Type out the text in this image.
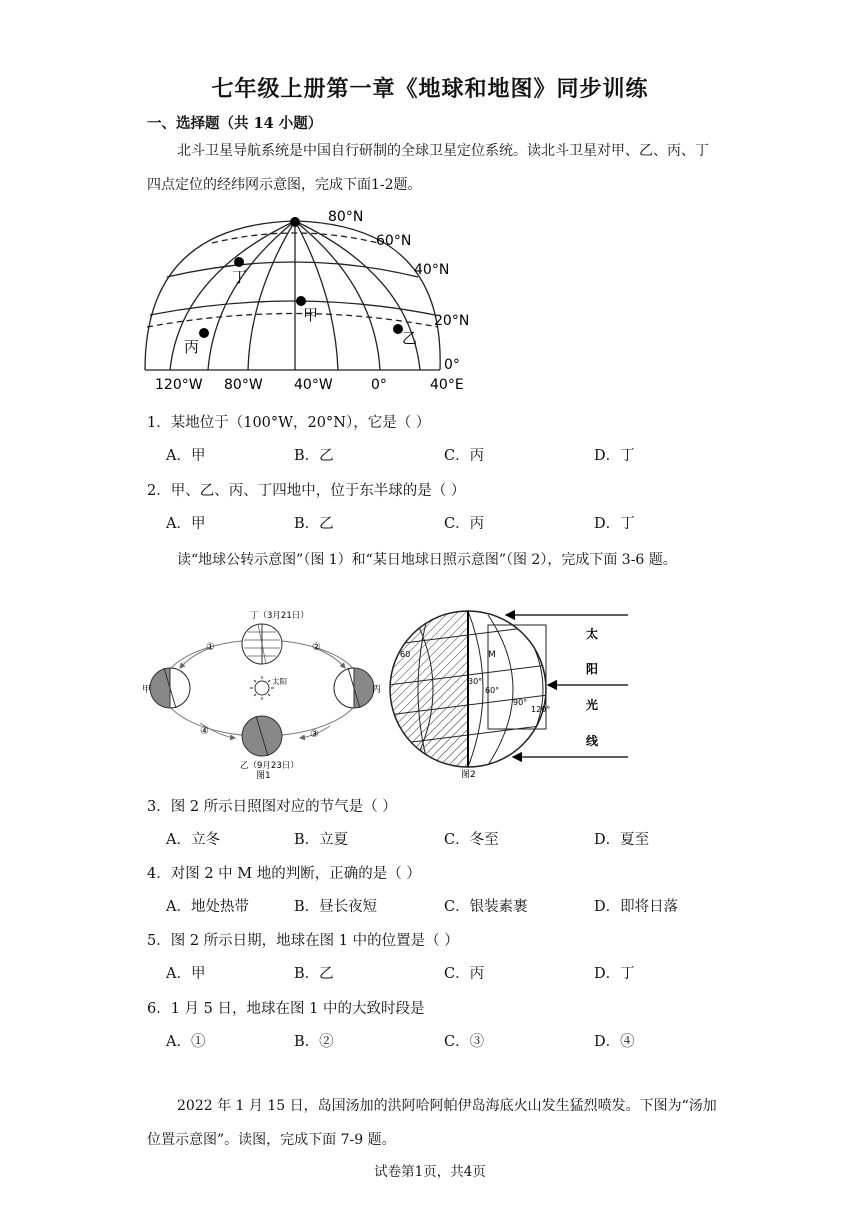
七年级上册第一章《地球和地图》同步训练
一、选择题（共 14 小题）
北斗卫星导航系统是中国自行研制的全球卫星定位系统。读北斗卫星对甲、乙、丙、丁四点定位的经纬网示意图，完成下面1-2题。
80°N
60°N
40°N
20°N
0°
120°W 80°W 40°W	0°	40°E
丁
甲
丙	乙
1．某地位于（100°W，20°N），它是（ ）
A．甲	B．乙	C．丙	D．丁
2．甲、乙、丙、丁四地中，位于东半球的是（ ）
A．甲	B．乙	C．丙	D．丁
读“地球公转示意图”（图 1）和“某日地球日照示意图”（图 2），完成下面 3-6 题。
丁（3月21日）
甲	丙
乙（9月23日）
太阳
①	②
③
④
图1
M
30°
60°
90°
120°
60
太
阳
光
线
图2
3．图 2 所示日照图对应的节气是（ ）
A．立冬	B．立夏	C．冬至	D．夏至
4．对图 2 中 M 地的判断，正确的是（ ）
A．地处热带	B．昼长夜短	C．银装素裹	D．即将日落
5．图 2 所示日期，地球在图 1 中的位置是（ ）
A．甲	B．乙	C．丙	D．丁
6．1 月 5 日，地球在图 1 中的大致时段是
A．①	B．②	C．③	D．④
2022 年 1 月 15 日，岛国汤加的洪阿哈阿帕伊岛海底火山发生猛烈喷发。下图为“汤加位置示意图”。读图，完成下面 7-9 题。
试卷第1页，共4页
